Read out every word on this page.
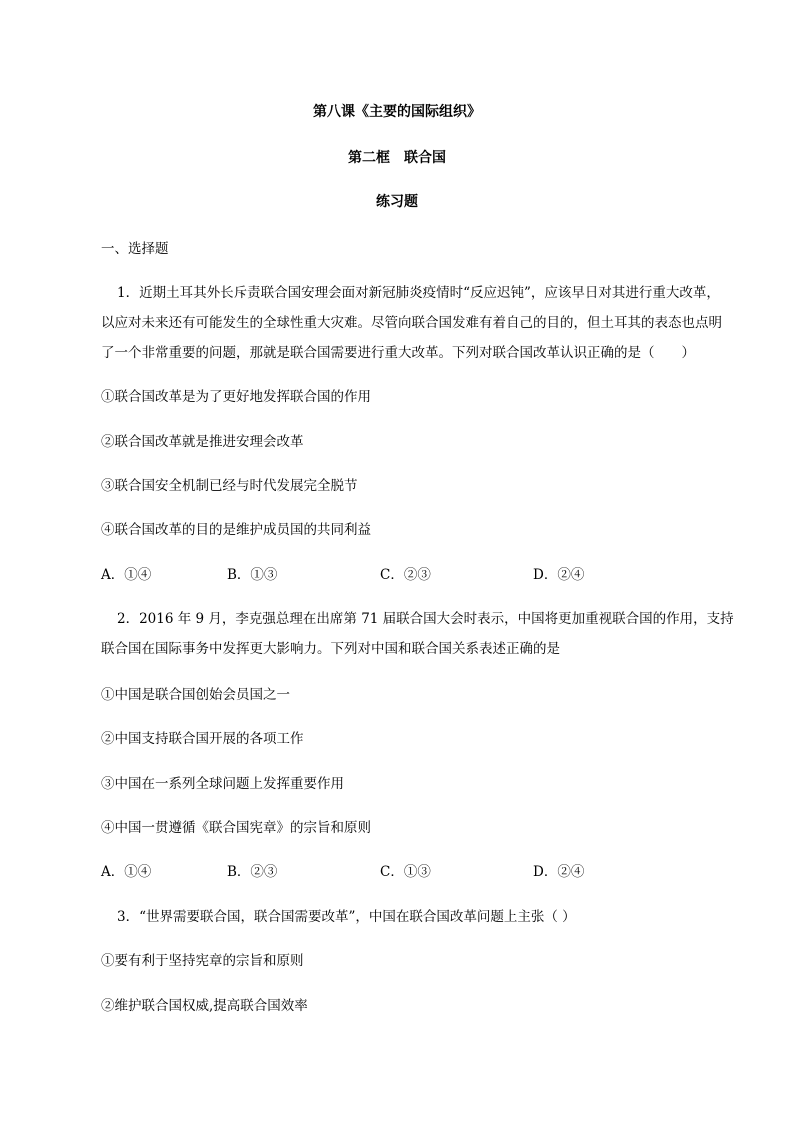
第八课《主要的国际组织》
第二框　联合国
练习题
一、选择题
1．近期土耳其外长斥责联合国安理会面对新冠肺炎疫情时“反应迟钝”，应该早日对其进行重大改革，
以应对未来还有可能发生的全球性重大灾难。尽管向联合国发难有着自己的目的，但土耳其的表态也点明
了一个非常重要的问题，那就是联合国需要进行重大改革。下列对联合国改革认识正确的是（　　）
①联合国改革是为了更好地发挥联合国的作用
②联合国改革就是推进安理会改革
③联合国安全机制已经与时代发展完全脱节
④联合国改革的目的是维护成员国的共同利益
A．①④	B．①③	C．②③	D．②④
2．2016 年 9 月，李克强总理在出席第 71 届联合国大会时表示，中国将更加重视联合国的作用，支持
联合国在国际事务中发挥更大影响力。下列对中国和联合国关系表述正确的是
①中国是联合国创始会员国之一
②中国支持联合国开展的各项工作
③中国在一系列全球问题上发挥重要作用
④中国一贯遵循《联合国宪章》的宗旨和原则
A．①④	B．②③	C．①③	D．②④
3．“世界需要联合国，联合国需要改革”，中国在联合国改革问题上主张（ ）
①要有利于坚持宪章的宗旨和原则
②维护联合国权威,提高联合国效率
